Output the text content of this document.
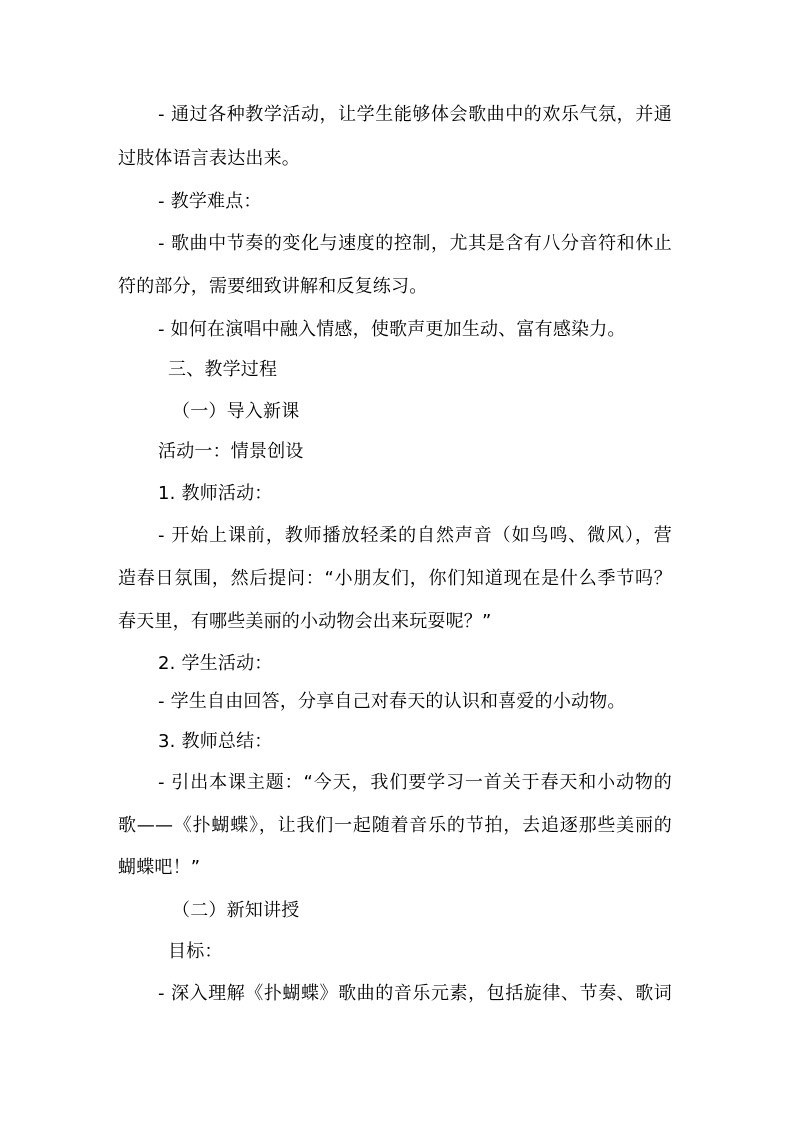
- 通过各种教学活动，让学生能够体会歌曲中的欢乐气氛，并通
过肢体语言表达出来。
- 教学难点：
- 歌曲中节奏的变化与速度的控制，尤其是含有八分音符和休止
符的部分，需要细致讲解和反复练习。
- 如何在演唱中融入情感，使歌声更加生动、富有感染力。
三、教学过程
（一）导入新课
活动一：情景创设
1. 教师活动：
- 开始上课前，教师播放轻柔的自然声音（如鸟鸣、微风），营
造春日氛围，然后提问：“小朋友们，你们知道现在是什么季节吗？
春天里，有哪些美丽的小动物会出来玩耍呢？”
2. 学生活动：
- 学生自由回答，分享自己对春天的认识和喜爱的小动物。
3. 教师总结：
- 引出本课主题：“今天，我们要学习一首关于春天和小动物的
歌——《扑蝴蝶》，让我们一起随着音乐的节拍，去追逐那些美丽的
蝴蝶吧！”
（二）新知讲授
目标：
- 深入理解《扑蝴蝶》歌曲的音乐元素，包括旋律、节奏、歌词
